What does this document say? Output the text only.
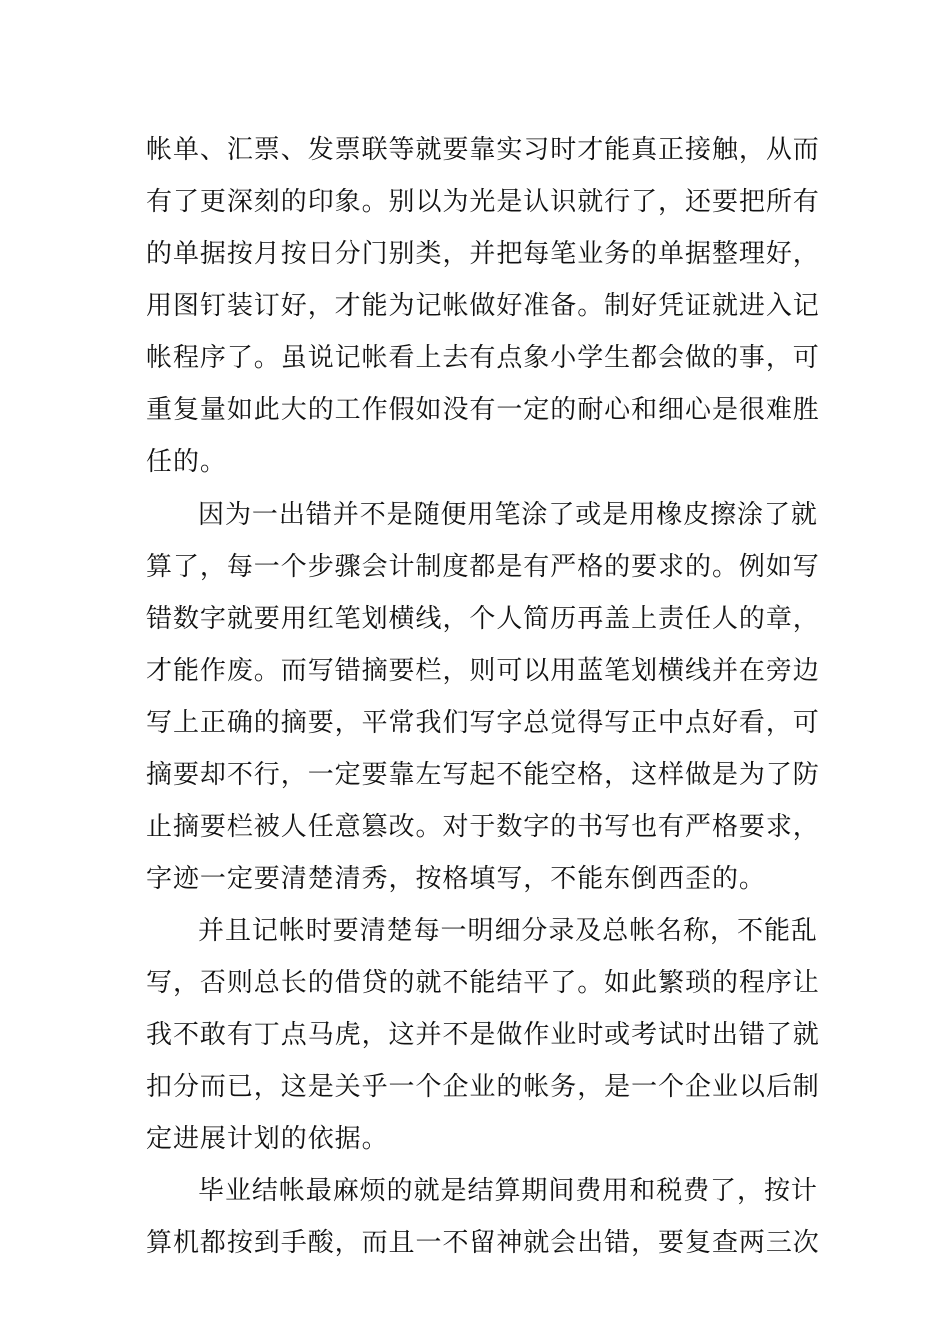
帐单、汇票、发票联等就要靠实习时才能真正接触，从而
有了更深刻的印象。别以为光是认识就行了，还要把所有
的单据按月按日分门别类，并把每笔业务的单据整理好，
用图钉装订好，才能为记帐做好准备。制好凭证就进入记
帐程序了。虽说记帐看上去有点象小学生都会做的事，可
重复量如此大的工作假如没有一定的耐心和细心是很难胜
任的。
因为一出错并不是随便用笔涂了或是用橡皮擦涂了就
算了，每一个步骤会计制度都是有严格的要求的。例如写
错数字就要用红笔划横线，个人简历再盖上责任人的章，
才能作废。而写错摘要栏，则可以用蓝笔划横线并在旁边
写上正确的摘要，平常我们写字总觉得写正中点好看，可
摘要却不行，一定要靠左写起不能空格，这样做是为了防
止摘要栏被人任意篡改。对于数字的书写也有严格要求，
字迹一定要清楚清秀，按格填写，不能东倒西歪的。
并且记帐时要清楚每一明细分录及总帐名称，不能乱
写，否则总长的借贷的就不能结平了。如此繁琐的程序让
我不敢有丁点马虎，这并不是做作业时或考试时出错了就
扣分而已，这是关乎一个企业的帐务，是一个企业以后制
定进展计划的依据。
毕业结帐最麻烦的就是结算期间费用和税费了，按计
算机都按到手酸，而且一不留神就会出错，要复查两三次
